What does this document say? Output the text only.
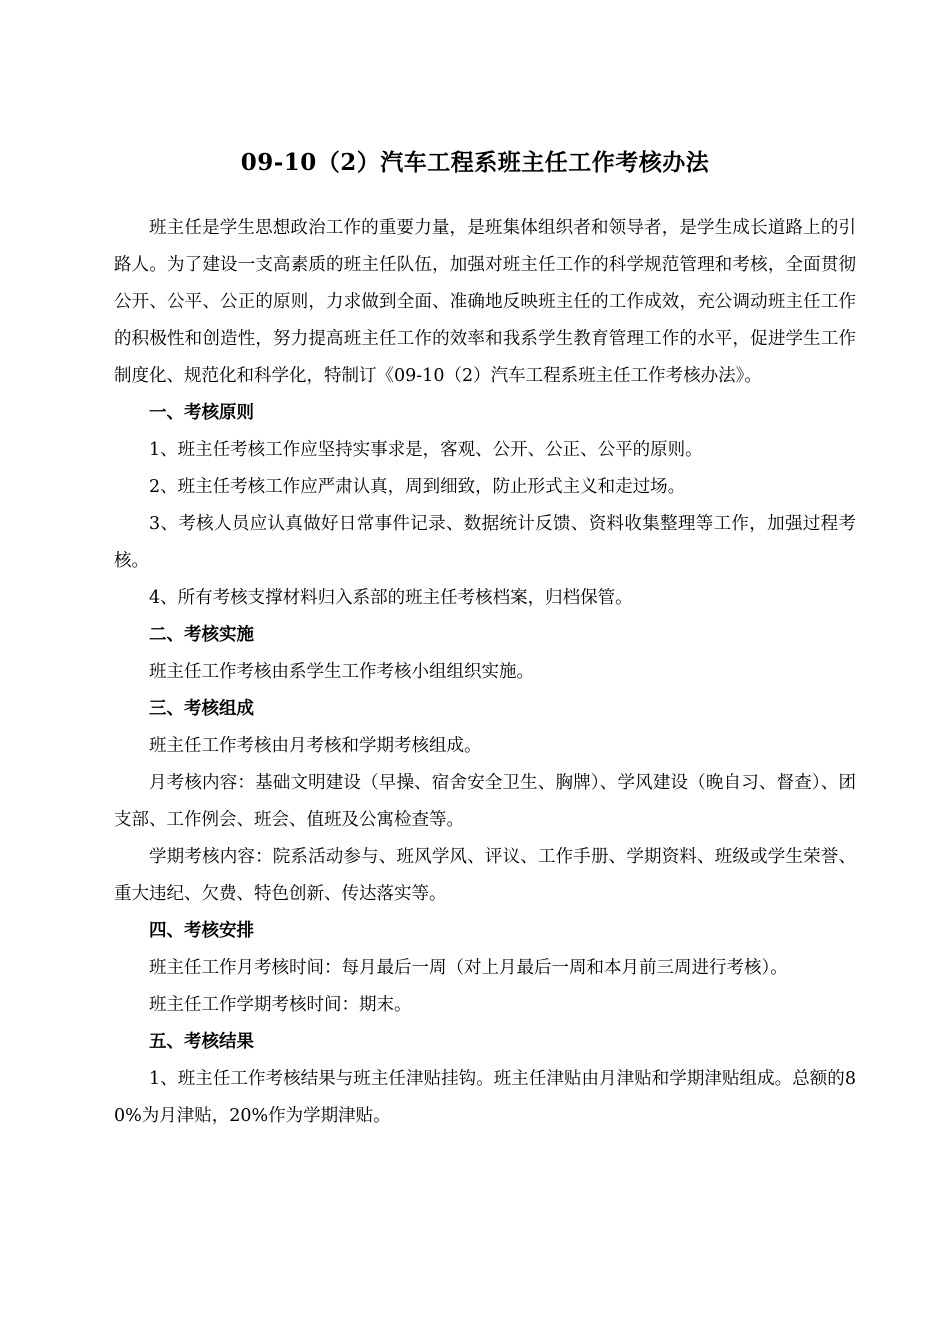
09-10（2）汽车工程系班主任工作考核办法

班主任是学生思想政治工作的重要力量，是班集体组织者和领导者，是学生成长道路上的引路人。为了建设一支高素质的班主任队伍，加强对班主任工作的科学规范管理和考核，全面贯彻公开、公平、公正的原则，力求做到全面、准确地反映班主任的工作成效，充公调动班主任工作的积极性和创造性，努力提高班主任工作的效率和我系学生教育管理工作的水平，促进学生工作制度化、规范化和科学化，特制订《09-10（2）汽车工程系班主任工作考核办法》。

一、考核原则

1、班主任考核工作应坚持实事求是，客观、公开、公正、公平的原则。

2、班主任考核工作应严肃认真，周到细致，防止形式主义和走过场。

3、考核人员应认真做好日常事件记录、数据统计反馈、资料收集整理等工作，加强过程考核。

4、所有考核支撑材料归入系部的班主任考核档案，归档保管。

二、考核实施

班主任工作考核由系学生工作考核小组组织实施。

三、考核组成

班主任工作考核由月考核和学期考核组成。

月考核内容：基础文明建设（早操、宿舍安全卫生、胸牌）、学风建设（晚自习、督查）、团支部、工作例会、班会、值班及公寓检查等。

学期考核内容：院系活动参与、班风学风、评议、工作手册、学期资料、班级或学生荣誉、重大违纪、欠费、特色创新、传达落实等。

四、考核安排

班主任工作月考核时间：每月最后一周（对上月最后一周和本月前三周进行考核）。

班主任工作学期考核时间：期末。

五、考核结果

1、班主任工作考核结果与班主任津贴挂钩。班主任津贴由月津贴和学期津贴组成。总额的80%为月津贴，20%作为学期津贴。
